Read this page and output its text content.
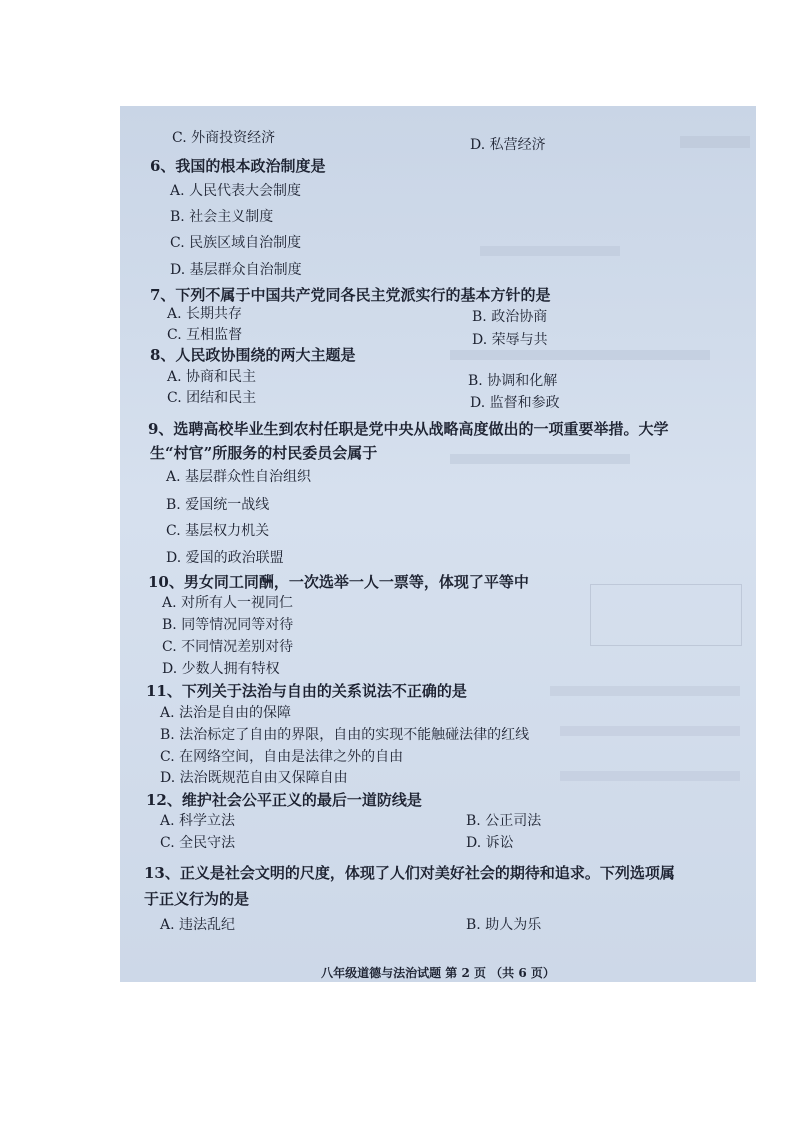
C. 外商投资经济	D. 私营经济
6、我国的根本政治制度是
A. 人民代表大会制度
B. 社会主义制度
C. 民族区域自治制度
D. 基层群众自治制度
7、下列不属于中国共产党同各民主党派实行的基本方针的是
A. 长期共存	B. 政治协商
C. 互相监督	D. 荣辱与共
8、人民政协围绕的两大主题是
A. 协商和民主	B. 协调和化解
C. 团结和民主	D. 监督和参政
9、选聘高校毕业生到农村任职是党中央从战略高度做出的一项重要举措。大学
生“村官”所服务的村民委员会属于
A. 基层群众性自治组织
B. 爱国统一战线
C. 基层权力机关
D. 爱国的政治联盟
10、男女同工同酬，一次选举一人一票等，体现了平等中
A. 对所有人一视同仁
B. 同等情况同等对待
C. 不同情况差别对待
D. 少数人拥有特权
11、下列关于法治与自由的关系说法不正确的是
A. 法治是自由的保障
B. 法治标定了自由的界限，自由的实现不能触碰法律的红线
C. 在网络空间，自由是法律之外的自由
D. 法治既规范自由又保障自由
12、维护社会公平正义的最后一道防线是
A. 科学立法	B. 公正司法
C. 全民守法	D. 诉讼
13、正义是社会文明的尺度，体现了人们对美好社会的期待和追求。下列选项属
于正义行为的是
A. 违法乱纪	B. 助人为乐
八年级道德与法治试题 第 2 页 （共 6 页）
